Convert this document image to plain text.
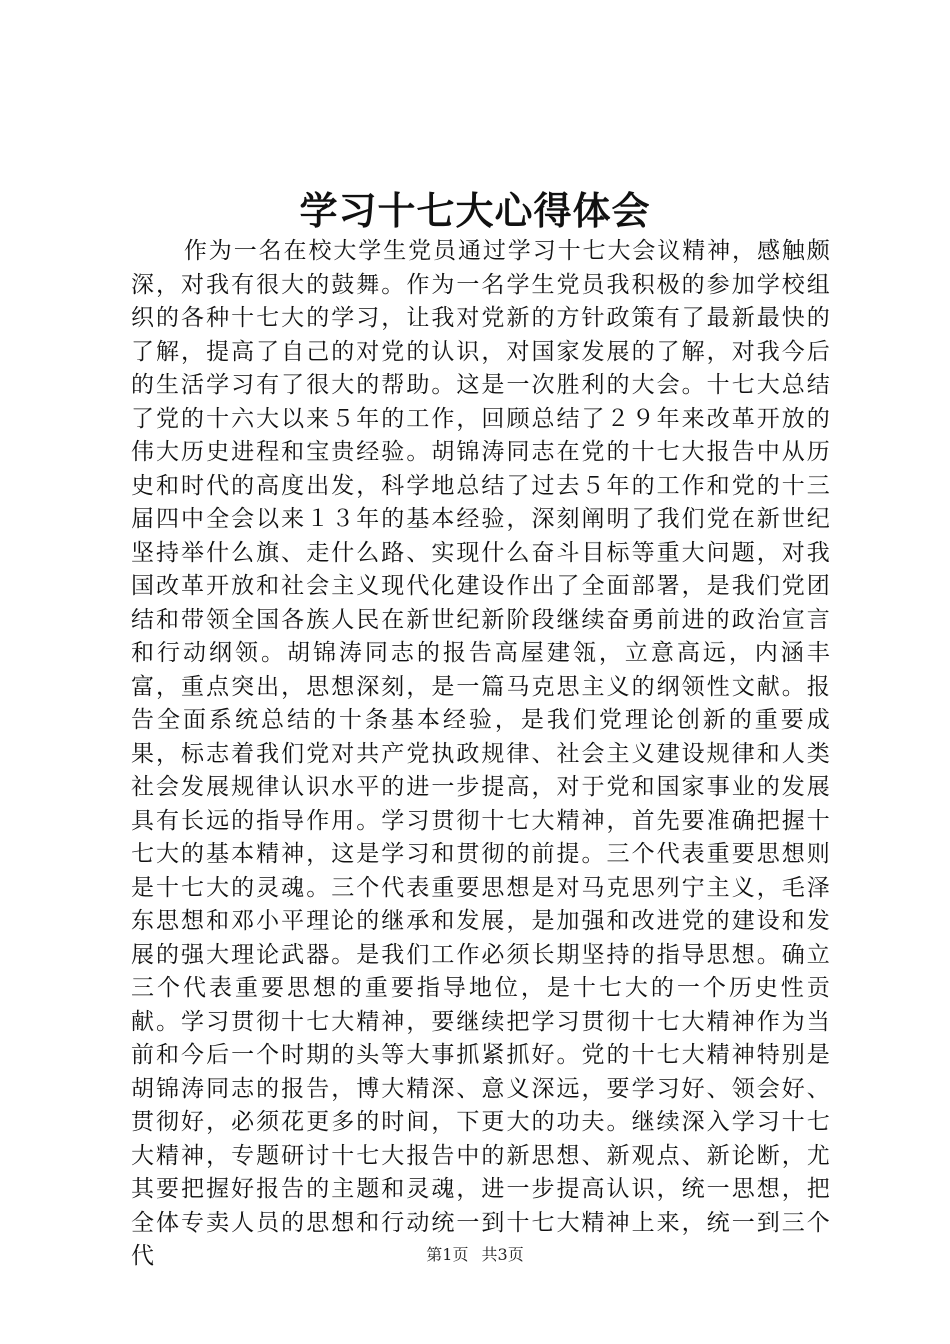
学习十七大心得体会

作为一名在校大学生党员通过学习十七大会议精神，感触颇深，对我有很大的鼓舞。作为一名学生党员我积极的参加学校组织的各种十七大的学习，让我对党新的方针政策有了最新最快的了解，提高了自己的对党的认识，对国家发展的了解，对我今后的生活学习有了很大的帮助。这是一次胜利的大会。十七大总结了党的十六大以来５年的工作，回顾总结了２９年来改革开放的伟大历史进程和宝贵经验。胡锦涛同志在党的十七大报告中从历史和时代的高度出发，科学地总结了过去５年的工作和党的十三届四中全会以来１３年的基本经验，深刻阐明了我们党在新世纪坚持举什么旗、走什么路、实现什么奋斗目标等重大问题，对我国改革开放和社会主义现代化建设作出了全面部署，是我们党团结和带领全国各族人民在新世纪新阶段继续奋勇前进的政治宣言和行动纲领。胡锦涛同志的报告高屋建瓴，立意高远，内涵丰富，重点突出，思想深刻，是一篇马克思主义的纲领性文献。报告全面系统总结的十条基本经验，是我们党理论创新的重要成果，标志着我们党对共产党执政规律、社会主义建设规律和人类社会发展规律认识水平的进一步提高，对于党和国家事业的发展具有长远的指导作用。学习贯彻十七大精神，首先要准确把握十七大的基本精神，这是学习和贯彻的前提。三个代表重要思想则是十七大的灵魂。三个代表重要思想是对马克思列宁主义，毛泽东思想和邓小平理论的继承和发展，是加强和改进党的建设和发展的强大理论武器。是我们工作必须长期坚持的指导思想。确立三个代表重要思想的重要指导地位，是十七大的一个历史性贡献。学习贯彻十七大精神，要继续把学习贯彻十七大精神作为当前和今后一个时期的头等大事抓紧抓好。党的十七大精神特别是胡锦涛同志的报告，博大精深、意义深远，要学习好、领会好、贯彻好，必须花更多的时间，下更大的功夫。继续深入学习十七大精神，专题研讨十七大报告中的新思想、新观点、新论断，尤其要把握好报告的主题和灵魂，进一步提高认识，统一思想，把全体专卖人员的思想和行动统一到十七大精神上来，统一到三个代	第1页 共3页
